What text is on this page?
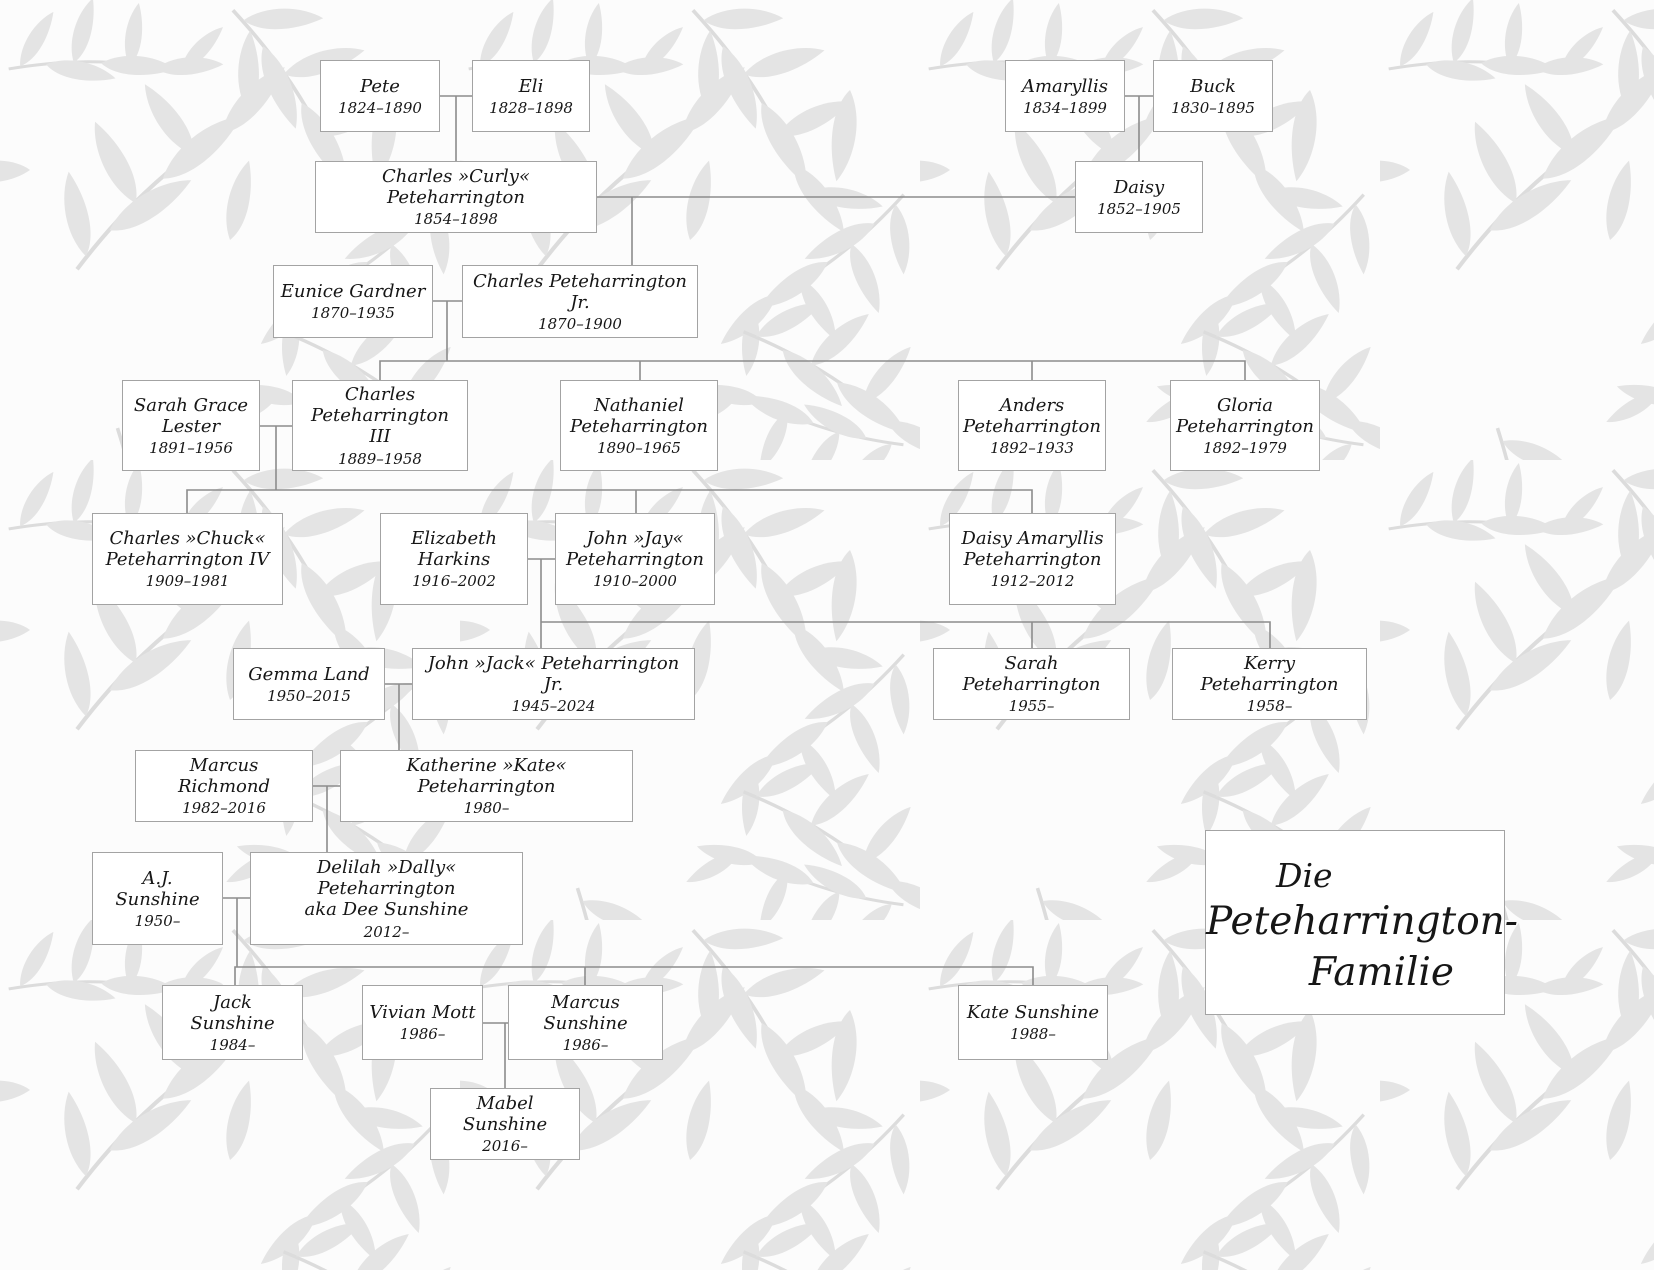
Pete
1824–1890
Eli
1828–1898
Amaryllis
1834–1899
Buck
1830–1895
Charles »Curly« Peteharrington
1854–1898
Daisy
1852–1905
Eunice Gardner
1870–1935
Charles Peteharrington Jr.
1870–1900
Sarah Grace Lester
1891–1956
Charles Peteharrington III
1889–1958
Nathaniel Peteharrington
1890–1965
Anders Peteharrington
1892–1933
Gloria Peteharrington
1892–1979
Charles »Chuck« Peteharrington IV
1909–1981
Elizabeth Harkins
1916–2002
John »Jay« Peteharrington
1910–2000
Daisy Amaryllis Peteharrington
1912–2012
Gemma Land
1950–2015
John »Jack« Peteharrington Jr.
1945–2024
Sarah Peteharrington
1955–
Kerry Peteharrington
1958–
Marcus Richmond
1982–2016
Katherine »Kate« Peteharrington
1980–
A.J. Sunshine
1950–
Delilah »Dally« Peteharrington
aka Dee Sunshine
2012–
Jack Sunshine
1984–
Vivian Mott
1986–
Marcus Sunshine
1986–
Kate Sunshine
1988–
Mabel Sunshine
2016–
Die
Peteharrington-
Familie
